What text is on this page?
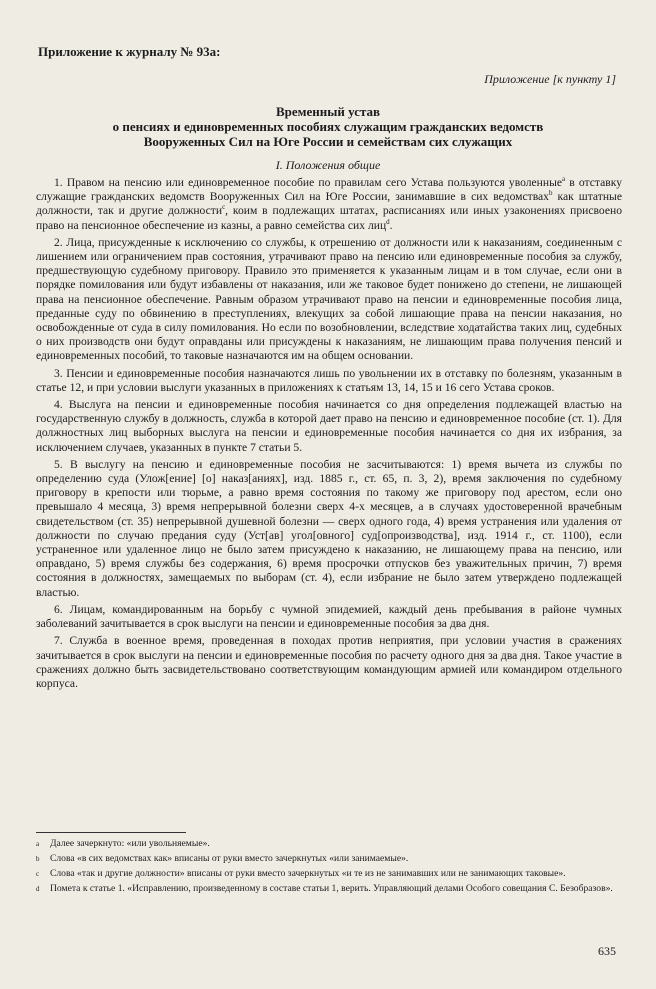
Приложение к журналу № 93а:
Приложение [к пункту 1]
Временный устав
о пенсиях и единовременных пособиях служащим гражданских ведомств
Вооруженных Сил на Юге России и семействам сих служащих
I. Положения общие

1. Правом на пенсию или единовременное пособие по правилам сего Устава пользуются уволенные$^a$ в отставку служащие гражданских ведомств Вооруженных Сил на Юге России, занимавшие в сих ведомствах$^b$ как штатные должности, так и другие должности$^c$, коим в подлежащих штатах, расписаниях или иных узаконениях присвоено право на пенсионное обеспечение из казны, а равно семейства сих лиц$^d$.

2. Лица, присужденные к исключению со службы, к отрешению от должности или к наказаниям, соединенным с лишением или ограничением прав состояния, утрачивают право на пенсию или единовременные пособия за службу, предшествующую судебному приговору. Правило это применяется к указанным лицам и в том случае, если они в порядке помилования или будут избавлены от наказания, или же таковое будет понижено до степени, не лишающей права на пенсионное обеспечение. Равным образом утрачивают право на пенсии и единовременные пособия лица, преданные суду по обвинению в преступлениях, влекущих за собой лишающие права на пенсии наказания, но освобожденные от суда в силу помилования. Но если по возобновлении, вследствие ходатайства таких лиц, судебных о них производств они будут оправданы или присуждены к наказаниям, не лишающим права получения пенсий и единовременных пособий, то таковые назначаются им на общем основании.

3. Пенсии и единовременные пособия назначаются лишь по увольнении их в отставку по болезням, указанным в статье 12, и при условии выслуги указанных в приложениях к статьям 13, 14, 15 и 16 сего Устава сроков.

4. Выслуга на пенсии и единовременные пособия начинается со дня определения подлежащей властью на государственную службу в должность, служба в которой дает право на пенсию и единовременное пособие (ст. 1). Для должностных лиц выборных выслуга на пенсии и единовременные пособия начинается со дня их избрания, за исключением случаев, указанных в пункте 7 статьи 5.

5. В выслугу на пенсию и единовременные пособия не засчитываются: 1) время вычета из службы по определению суда (Улож[ение] [о] наказ[аниях], изд. 1885 г., ст. 65, п. 3, 2), время заключения по судебному приговору в крепости или тюрьме, а равно время состояния по такому же приговору под арестом, если оно превышало 4 месяца, 3) время непрерывной болезни сверх 4-х месяцев, а в случаях удостоверенной врачебным свидетельством (ст. 35) непрерывной душевной болезни — сверх одного года, 4) время устранения или удаления от должности по случаю предания суду (Уст[ав] угол[овного] суд[опроизводства], изд. 1914 г., ст. 1100), если устраненное или удаленное лицо не было затем присуждено к наказанию, не лишающему права на пенсию, или оправдано, 5) время службы без содержания, 6) время просрочки отпусков без уважительных причин, 7) время состояния в должностях, замещаемых по выборам (ст. 4), если избрание не было затем утверждено подлежащей властью.

6. Лицам, командированным на борьбу с чумной эпидемией, каждый день пребывания в районе чумных заболеваний зачитывается в срок выслуги на пенсии и единовременные пособия за два дня.

7. Служба в военное время, проведенная в походах против неприятия, при условии участия в сражениях зачитывается в срок выслуги на пенсии и единовременные пособия по расчету одного дня за два дня. Такое участие в сражениях должно быть засвидетельствовано соответствующим командующим армией или командиром отдельного корпуса.

a	Далее зачеркнуто: «или увольняемые».
b	Слова «в сих ведомствах как» вписаны от руки вместо зачеркнутых «или занимаемые».
c	Слова «так и другие должности» вписаны от руки вместо зачеркнутых «и те из не занимавших или не занимающих таковые».
d	Помета к статье 1. «Исправлению, произведенному в составе статьи 1, верить. Управляющий делами Особого совещания С. Безобразов».
635
